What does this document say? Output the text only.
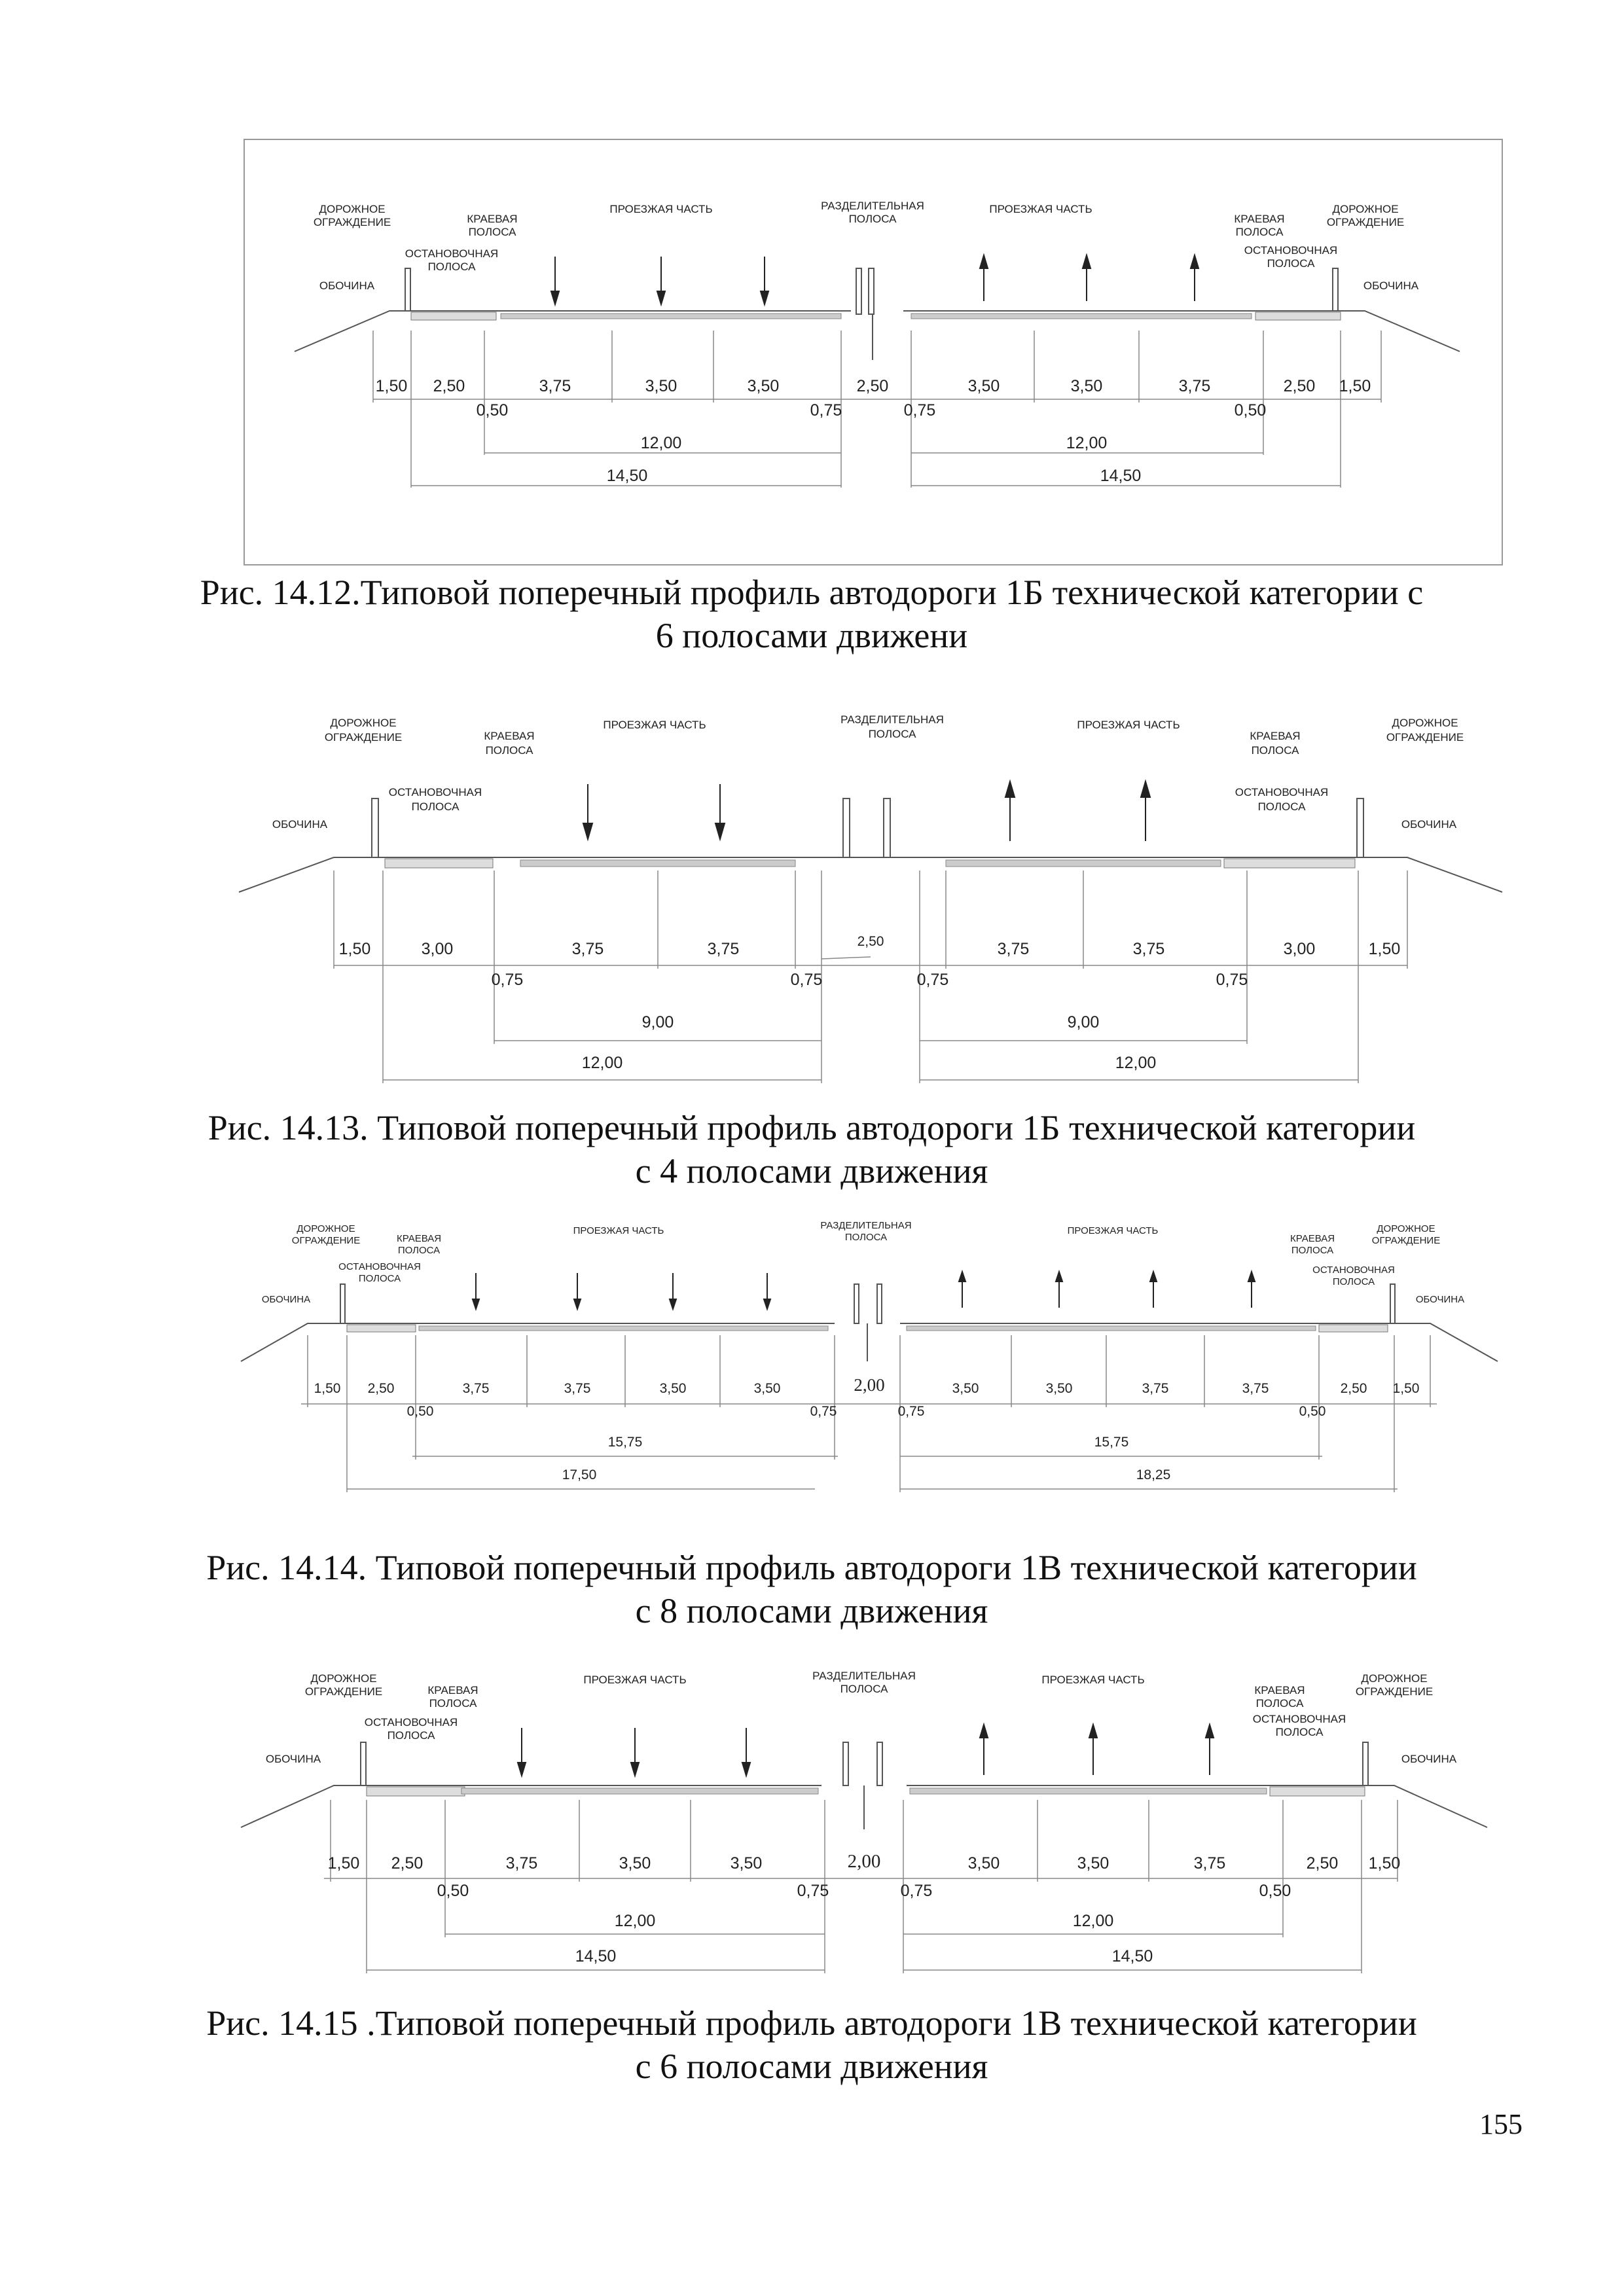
ДОРОЖНОЕ ОГРАЖДЕНИЕ	КРАЕВАЯ ПОЛОСА
ПРОЕЗЖАЯ ЧАСТЬ	РАЗДЕЛИТЕЛЬНАЯ ПОЛОСА
ПРОЕЗЖАЯ ЧАСТЬ
КРАЕВАЯ ПОЛОСА
ДОРОЖНОЕ ОГРАЖДЕНИЕ
ОСТАНОВОЧНАЯ ПОЛОСА
ОСТАНОВОЧНАЯ ПОЛОСА
ОБОЧИНА	ОБОЧИНА
1,50 2,50	3,75	3,50	3,50	2,50	3,50	3,50	3,75	2,50 1,50
0,50	0,75	0,75	0,50
12,00	12,00
14,50	14,50
Рис. 14.12.Типовой поперечный профиль автодороги 1Б технической категории с
6 полосами движени
ДОРОЖНОЕ ОГРАЖДЕНИЕ	КРАЕВАЯ ПОЛОСА
ПРОЕЗЖАЯ ЧАСТЬ	РАЗДЕЛИТЕЛЬНАЯ ПОЛОСА
ПРОЕЗЖАЯ ЧАСТЬ
КРАЕВАЯ ПОЛОСА
ДОРОЖНОЕ ОГРАЖДЕНИЕ
ОСТАНОВОЧНАЯ ПОЛОСА
ОСТАНОВОЧНАЯ ПОЛОСА
ОБОЧИНА	ОБОЧИНА
1,50	3,00	3,75	3,75	2,50	3,75	3,75	3,00	1,50
0,75	0,75	0,75	0,75
9,00	9,00
12,00	12,00
Рис. 14.13. Типовой поперечный профиль автодороги 1Б технической категории
с 4 полосами движения
ДОРОЖНОЕ ОГРАЖДЕНИЕ	КРАЕВАЯ ПОЛОСА
ПРОЕЗЖАЯ ЧАСТЬ	РАЗДЕЛИТЕЛЬНАЯ ПОЛОСА
ПРОЕЗЖАЯ ЧАСТЬ
КРАЕВАЯ ПОЛОСА
ДОРОЖНОЕ ОГРАЖДЕНИЕ
ОСТАНОВОЧНАЯ ПОЛОСА
ОСТАНОВОЧНАЯ ПОЛОСА
ОБОЧИНА	ОБОЧИНА
1,50 2,50	3,75	3,75	3,50	3,50	2,00	3,50	3,50	3,75	3,75	2,50 1,50
0,50	0,75	0,75	0,50
15,75	15,75
17,50	18,25
Рис. 14.14. Типовой поперечный профиль автодороги 1В технической категории
с 8 полосами движения
ДОРОЖНОЕ ОГРАЖДЕНИЕ	КРАЕВАЯ ПОЛОСА
ПРОЕЗЖАЯ ЧАСТЬ	РАЗДЕЛИТЕЛЬНАЯ ПОЛОСА
ПРОЕЗЖАЯ ЧАСТЬ
КРАЕВАЯ ПОЛОСА
ДОРОЖНОЕ ОГРАЖДЕНИЕ
ОСТАНОВОЧНАЯ ПОЛОСА
ОСТАНОВОЧНАЯ ПОЛОСА
ОБОЧИНА	ОБОЧИНА
1,50 2,50	3,75	3,50	3,50	2,00	3,50	3,50	3,75	2,50 1,50
0,50	0,75	0,75	0,50
12,00	12,00
14,50	14,50
Рис. 14.15 .Типовой поперечный профиль автодороги 1В технической категории
с 6 полосами движения
155
